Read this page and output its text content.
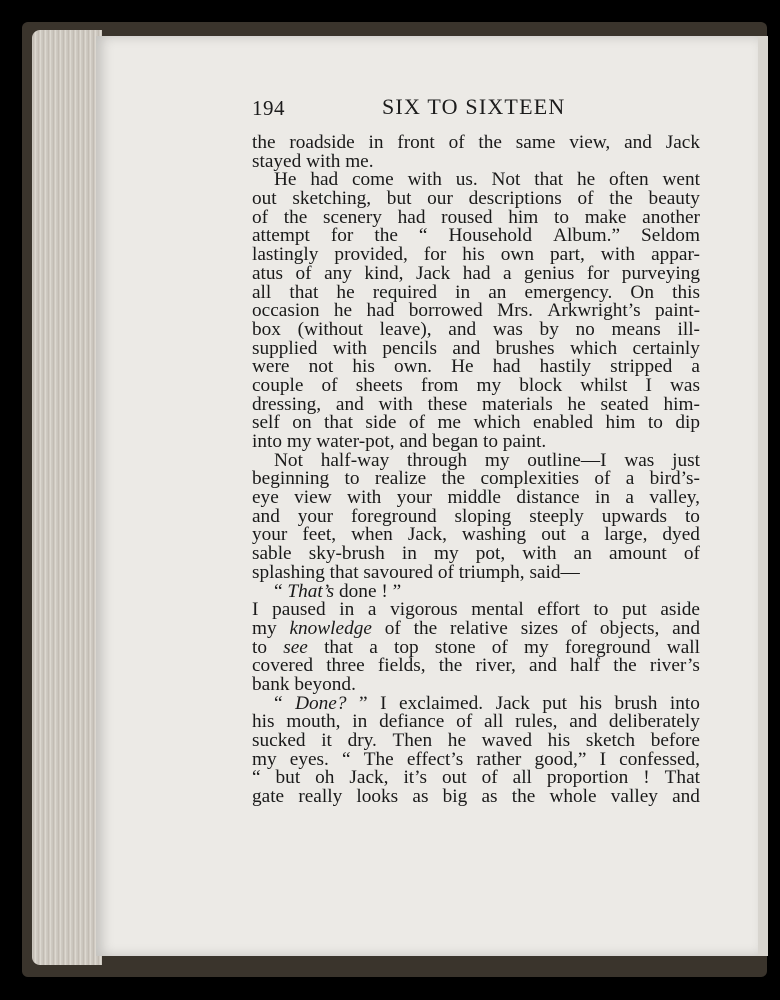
194	SIX TO SIXTEEN
the roadside in front of the same view, and Jack
stayed with me.
He had come with us. Not that he often went
out sketching, but our descriptions of the beauty
of the scenery had roused him to make another
attempt for the “ Household Album.” Seldom
lastingly provided, for his own part, with appar-
atus of any kind, Jack had a genius for purveying
all that he required in an emergency. On this
occasion he had borrowed Mrs. Arkwright’s paint-
box (without leave), and was by no means ill-
supplied with pencils and brushes which certainly
were not his own. He had hastily stripped a
couple of sheets from my block whilst I was
dressing, and with these materials he seated him-
self on that side of me which enabled him to dip
into my water-pot, and began to paint.
Not half-way through my outline—I was just
beginning to realize the complexities of a bird’s-
eye view with your middle distance in a valley,
and your foreground sloping steeply upwards to
your feet, when Jack, washing out a large, dyed
sable sky-brush in my pot, with an amount of
splashing that savoured of triumph, said—
“ That’s done ! ”
I paused in a vigorous mental effort to put aside
my knowledge of the relative sizes of objects, and
to see that a top stone of my foreground wall
covered three fields, the river, and half the river’s
bank beyond.
“ Done? ” I exclaimed. Jack put his brush into
his mouth, in defiance of all rules, and deliberately
sucked it dry. Then he waved his sketch before
my eyes. “ The effect’s rather good,” I confessed,
“ but oh Jack, it’s out of all proportion ! That
gate really looks as big as the whole valley and
